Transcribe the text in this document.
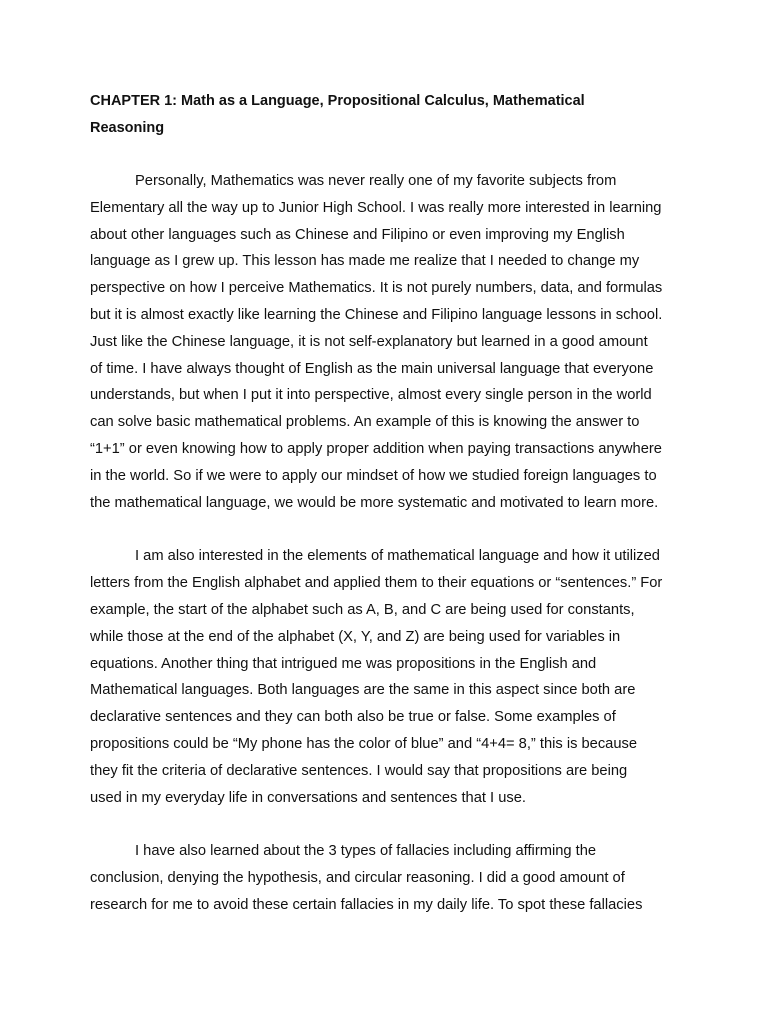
CHAPTER 1: Math as a Language, Propositional Calculus, Mathematical
Reasoning

Personally, Mathematics was never really one of my favorite subjects from
Elementary all the way up to Junior High School. I was really more interested in learning
about other languages such as Chinese and Filipino or even improving my English
language as I grew up. This lesson has made me realize that I needed to change my
perspective on how I perceive Mathematics. It is not purely numbers, data, and formulas
but it is almost exactly like learning the Chinese and Filipino language lessons in school.
Just like the Chinese language, it is not self-explanatory but learned in a good amount
of time. I have always thought of English as the main universal language that everyone
understands, but when I put it into perspective, almost every single person in the world
can solve basic mathematical problems. An example of this is knowing the answer to
“1+1” or even knowing how to apply proper addition when paying transactions anywhere
in the world. So if we were to apply our mindset of how we studied foreign languages to
the mathematical language, we would be more systematic and motivated to learn more.

I am also interested in the elements of mathematical language and how it utilized
letters from the English alphabet and applied them to their equations or “sentences.” For
example, the start of the alphabet such as A, B, and C are being used for constants,
while those at the end of the alphabet (X, Y, and Z) are being used for variables in
equations. Another thing that intrigued me was propositions in the English and
Mathematical languages. Both languages are the same in this aspect since both are
declarative sentences and they can both also be true or false. Some examples of
propositions could be “My phone has the color of blue” and “4+4= 8,” this is because
they fit the criteria of declarative sentences. I would say that propositions are being
used in my everyday life in conversations and sentences that I use.

I have also learned about the 3 types of fallacies including affirming the
conclusion, denying the hypothesis, and circular reasoning. I did a good amount of
research for me to avoid these certain fallacies in my daily life. To spot these fallacies
